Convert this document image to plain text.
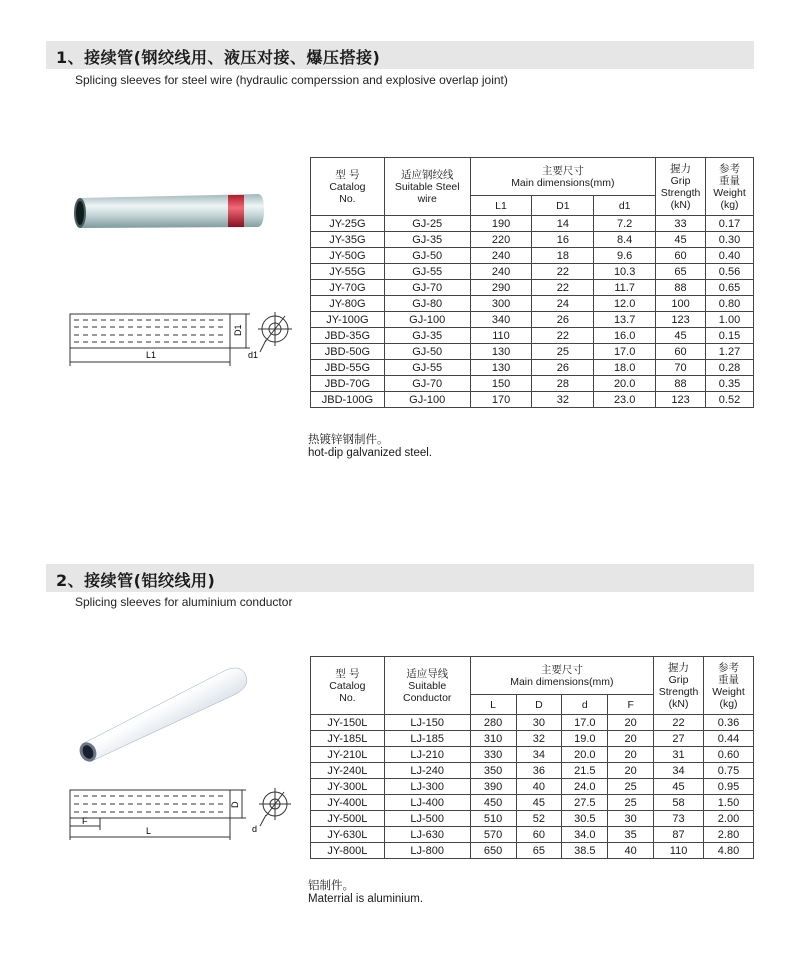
1、接续管(钢绞线用、液压对接、爆压搭接)
Splicing sleeves for steel wire (hydraulic comperssion and explosive overlap joint)
L1
D1
d1
型 号
Catalog
No.	适应钢绞线
Suitable Steel
wire	主要尺寸
Main dimensions(mm)			握力
Grip
Strength
(kN)	参考
重量
Weight
(kg)
		L1	D1	d1		
JY-25G	GJ-25	190	14	7.2	33	0.17
JY-35G	GJ-35	220	16	8.4	45	0.30
JY-50G	GJ-50	240	18	9.6	60	0.40
JY-55G	GJ-55	240	22	10.3	65	0.56
JY-70G	GJ-70	290	22	11.7	88	0.65
JY-80G	GJ-80	300	24	12.0	100	0.80
JY-100G	GJ-100	340	26	13.7	123	1.00
JBD-35G	GJ-35	110	22	16.0	45	0.15
JBD-50G	GJ-50	130	25	17.0	60	1.27
JBD-55G	GJ-55	130	26	18.0	70	0.28
JBD-70G	GJ-70	150	28	20.0	88	0.35
JBD-100G	GJ-100	170	32	23.0	123	0.52
热镀锌钢制件。
hot-dip galvanized steel.
2、接续管(铝绞线用)
Splicing sleeves for aluminium conductor
F
L
D
d
型 号
Catalog
No.	适应导线
Suitable
Conductor	主要尺寸
Main dimensions(mm)				握力
Grip
Strength
(kN)	参考
重量
Weight
(kg)
		L	D	d	F		
JY-150L	LJ-150	280	30	17.0	20	22	0.36
JY-185L	LJ-185	310	32	19.0	20	27	0.44
JY-210L	LJ-210	330	34	20.0	20	31	0.60
JY-240L	LJ-240	350	36	21.5	20	34	0.75
JY-300L	LJ-300	390	40	24.0	25	45	0.95
JY-400L	LJ-400	450	45	27.5	25	58	1.50
JY-500L	LJ-500	510	52	30.5	30	73	2.00
JY-630L	LJ-630	570	60	34.0	35	87	2.80
JY-800L	LJ-800	650	65	38.5	40	110	4.80
铝制件。
Materrial is aluminium.
